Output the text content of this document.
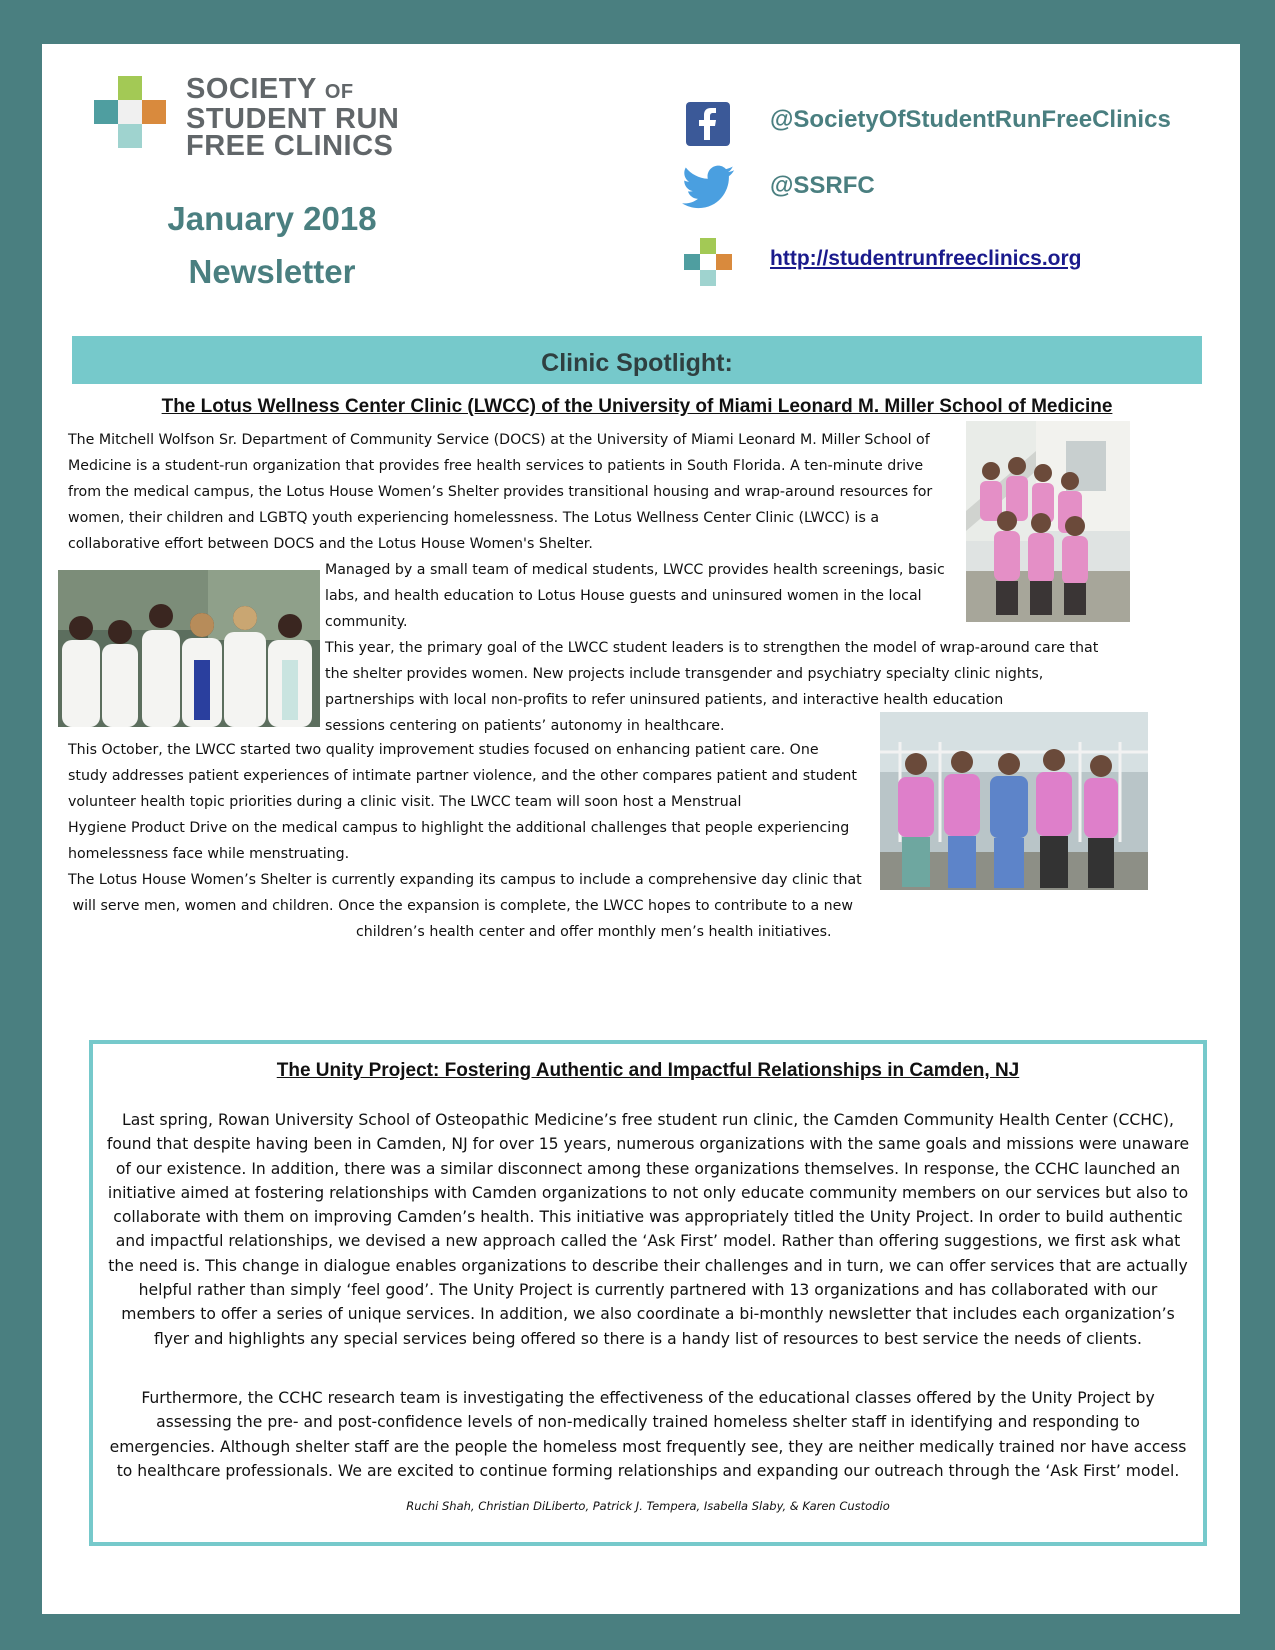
SOCIETY OF
STUDENT RUN
FREE CLINICS
January 2018
Newsletter
@SocietyOfStudentRunFreeClinics
@SSRFC
http://studentrunfreeclinics.org
Clinic Spotlight:
The Lotus Wellness Center Clinic (LWCC) of the University of Miami Leonard M. Miller School of Medicine
The Mitchell Wolfson Sr. Department of Community Service (DOCS) at the University of Miami Leonard M. Miller School of
Medicine is a student-run organization that provides free health services to patients in South Florida. A ten-minute drive
from the medical campus, the Lotus House Women’s Shelter provides transitional housing and wrap-around resources for
women, their children and LGBTQ youth experiencing homelessness. The Lotus Wellness Center Clinic (LWCC) is a
collaborative effort between DOCS and the Lotus House Women's Shelter.
Managed by a small team of medical students, LWCC provides health screenings, basic
labs, and health education to Lotus House guests and uninsured women in the local
community.
This year, the primary goal of the LWCC student leaders is to strengthen the model of wrap-around care that
the shelter provides women. New projects include transgender and psychiatry specialty clinic nights,
partnerships with local non-profits to refer uninsured patients, and interactive health education
sessions centering on patients’ autonomy in healthcare.
This October, the LWCC started two quality improvement studies focused on enhancing patient care. One
study addresses patient experiences of intimate partner violence, and the other compares patient and student
volunteer health topic priorities during a clinic visit. The LWCC team will soon host a Menstrual
Hygiene Product Drive on the medical campus to highlight the additional challenges that people experiencing
homelessness face while menstruating.
The Lotus House Women’s Shelter is currently expanding its campus to include a comprehensive day clinic that
will serve men, women and children. Once the expansion is complete, the LWCC hopes to contribute to a new
children’s health center and offer monthly men’s health initiatives.
The Unity Project: Fostering Authentic and Impactful Relationships in Camden, NJ
Last spring, Rowan University School of Osteopathic Medicine’s free student run clinic, the Camden Community Health Center (CCHC), found that despite having been in Camden, NJ for over 15 years, numerous organizations with the same goals and missions were unaware of our existence. In addition, there was a similar disconnect among these organizations themselves. In response, the CCHC launched an initiative aimed at fostering relationships with Camden organizations to not only educate community members on our services but also to collaborate with them on improving Camden’s health. This initiative was appropriately titled the Unity Project. In order to build authentic and impactful relationships, we devised a new approach called the ‘Ask First’ model. Rather than offering suggestions, we first ask what the need is. This change in dialogue enables organizations to describe their challenges and in turn, we can offer services that are actually helpful rather than simply ‘feel good’. The Unity Project is currently partnered with 13 organizations and has collaborated with our members to offer a series of unique services. In addition, we also coordinate a bi-monthly newsletter that includes each organization’s flyer and highlights any special services being offered so there is a handy list of resources to best service the needs of clients.
Furthermore, the CCHC research team is investigating the effectiveness of the educational classes offered by the Unity Project by assessing the pre- and post-confidence levels of non-medically trained homeless shelter staff in identifying and responding to emergencies. Although shelter staff are the people the homeless most frequently see, they are neither medically trained nor have access to healthcare professionals. We are excited to continue forming relationships and expanding our outreach through the ‘Ask First’ model.
Ruchi Shah, Christian DiLiberto, Patrick J. Tempera, Isabella Slaby, & Karen Custodio
